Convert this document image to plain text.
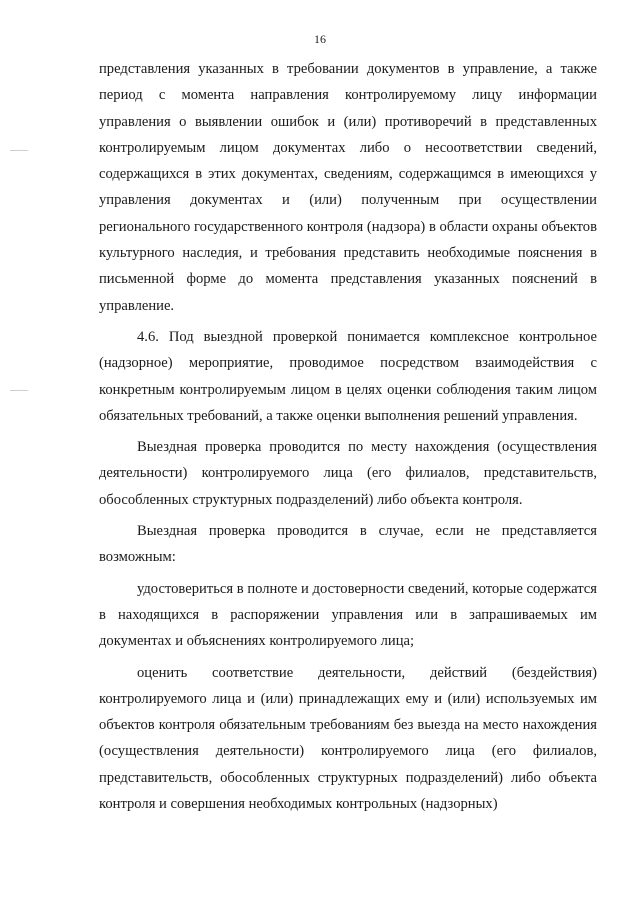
16

представления указанных в требовании документов в управление, а также период с момента направления контролируемому лицу информации управления о выявлении ошибок и (или) противоречий в представленных контролируемым лицом документах либо о несоответствии сведений, содержащихся в этих документах, сведениям, содержащимся в имеющихся у управления документах и (или) полученным при осуществлении регионального государственного контроля (надзора) в области охраны объектов культурного наследия, и требования представить необходимые пояснения в письменной форме до момента представления указанных пояснений в управление.

4.6. Под выездной проверкой понимается комплексное контрольное (надзорное) мероприятие, проводимое посредством взаимодействия с конкретным контролируемым лицом в целях оценки соблюдения таким лицом обязательных требований, а также оценки выполнения решений управления.

Выездная проверка проводится по месту нахождения (осуществления деятельности) контролируемого лица (его филиалов, представительств, обособленных структурных подразделений) либо объекта контроля.

Выездная проверка проводится в случае, если не представляется возможным:

удостовериться в полноте и достоверности сведений, которые содержатся в находящихся в распоряжении управления или в запрашиваемых им документах и объяснениях контролируемого лица;

оценить соответствие деятельности, действий (бездействия) контролируемого лица и (или) принадлежащих ему и (или) используемых им объектов контроля обязательным требованиям без выезда на место нахождения (осуществления деятельности) контролируемого лица (его филиалов, представительств, обособленных структурных подразделений) либо объекта контроля и совершения необходимых контрольных (надзорных)
